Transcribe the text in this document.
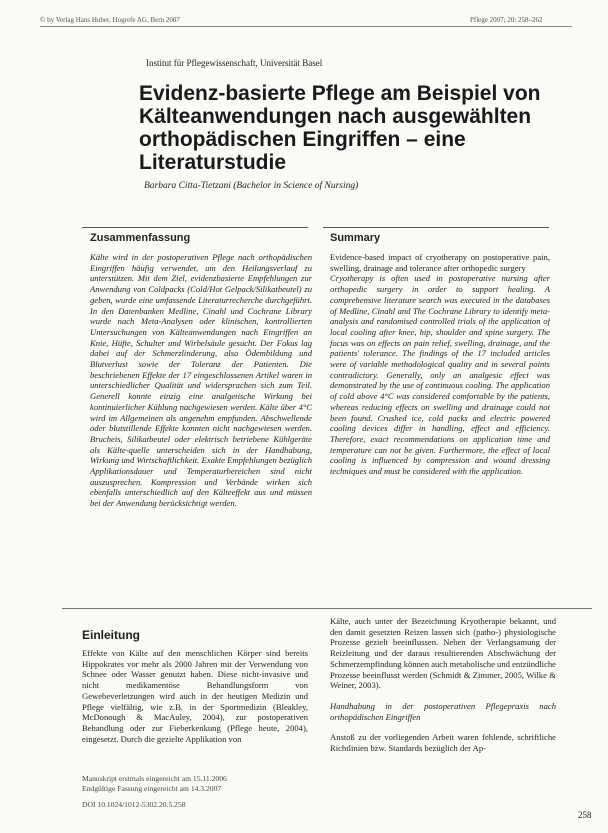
© by Verlag Hans Huber, Hogrefe AG, Bern 2007	Pflege 2007; 20: 258–262
Institut für Pflegewissenschaft, Universität Basel
Evidenz-basierte Pflege am Beispiel von Kälteanwendungen nach ausgewählten orthopädischen Eingriffen – eine Literaturstudie
Barbara Citta-Tietzani (Bachelor in Science of Nursing)
Zusammenfassung
Kälte wird in der postoperativen Pflege nach orthopädischen Eingriffen häufig verwendet, um den Heilungsverlauf zu unterstützen. Mit dem Ziel, evidenzbasierte Empfehlungen zur Anwendung von Coldpacks (Cold/Hot Gelpack/Silikatbeutel) zu geben, wurde eine umfassende Literaturrecherche durchgeführt. In den Datenbanken Medline, Cinahl und Cochrane Library wurde nach Meta-Analysen oder klinischen, kontrollierten Untersuchungen von Kälteanwendungen nach Eingriffen an Knie, Hüfte, Schulter und Wirbelsäule gesucht. Der Fokus lag dabei auf der Schmerzlinderung, also Ödembildung und Blutverlust sowie der Toleranz der Patienten. Die beschriebenen Effekte der 17 eingeschlossenen Artikel waren in unterschiedlicher Qualität und widersprachen sich zum Teil. Generell konnte einzig eine analgetische Wirkung bei kontinuierlicher Kühlung nachgewiesen werden. Kälte über 4°C wird im Allgemeinen als angenehm empfunden. Abschwellende oder blutstillende Effekte konnten nicht nachgewiesen werden. Brucheis, Silikatbeutel oder elektrisch betriebene Kühlgeräte als Kälte-quelle unterscheiden sich in der Handhabung, Wirkung und Wirtschaftlichkeit. Exakte Empfehlungen bezüglich Applikationsdauer und Temperaturbereichen sind nicht auszusprechen. Kompression und Verbände wirken sich ebenfalls unterschiedlich auf den Kälteeffekt aus und müssen bei der Anwendung berücksichtigt werden.
Summary

Evidence-based impact of cryotherapy on postoperative pain, swelling, drainage and tolerance after orthopedic surgery

Cryotherapy is often used in postoperative nursing after orthopedic surgery in order to support healing. A comprehensive literature search was executed in the databases of Medline, Cinahl and The Cochrane Library to identify meta-analysis and randomised controlled trials of the application of local cooling after knee, hip, shoulder and spine surgery. The focus was on effects on pain relief, swelling, drainage, and the patients' tolerance. The findings of the 17 included articles were of variable methodological quality and in several points contradictory. Generally, only an analgesic effect was demonstrated by the use of continuous cooling. The application of cold above 4°C was considered comfortable by the patients, whereas reducing effects on swelling and drainage could not been found. Crushed ice, cold packs and electric powered cooling devices differ in handling, effect and efficiency. Therefore, exact recommendations on application time and temperature can not be given. Furthermore, the effect of local cooling is influenced by compression and wound dressing techniques and must be considered with the application.

Einleitung
Effekte von Kälte auf den menschlichen Körper sind bereits Hippokrates vor mehr als 2000 Jahren mit der Verwendung von Schnee oder Wasser genutzt haben. Diese nicht-invasive und nicht medikamentöse Behandlungsform von Gewebeverletzungen wird auch in der heutigen Medizin und Pflege vielfältig, wie z.B. in der Sportmedizin (Bleakley, McDonough & MacAuley, 2004), zur postoperativen Behandlung oder zur Fieberkenkung (Pflege heute, 2004), eingesetzt. Durch die gezielte Applikation von

Kälte, auch unter der Bezeichnung Kryotherapie bekannt, und den damit gesetzten Reizen lassen sich (patho-) physiologische Prozesse gezielt beeinflussen. Neben der Verlangsamung der Reizleitung und der daraus resultierenden Abschwächung der Schmerzempfindung können auch metabolische und entzündliche Prozesse beeinflusst werden (Schmidt & Zimmer, 2005, Wilke & Weiner, 2003).

Handhabung in der postoperativen Pflegepraxis nach orthopädischen Eingriffen

Anstoß zu der vorliegenden Arbeit waren fehlende, schriftliche Richtlinien bzw. Standards bezüglich der Ap-

Manuskript erstmals eingereicht am 15.11.2006
Endgültige Fassung eingereicht am 14.3.2007
DOI 10.1024/1012-5302.20.5.258
258
